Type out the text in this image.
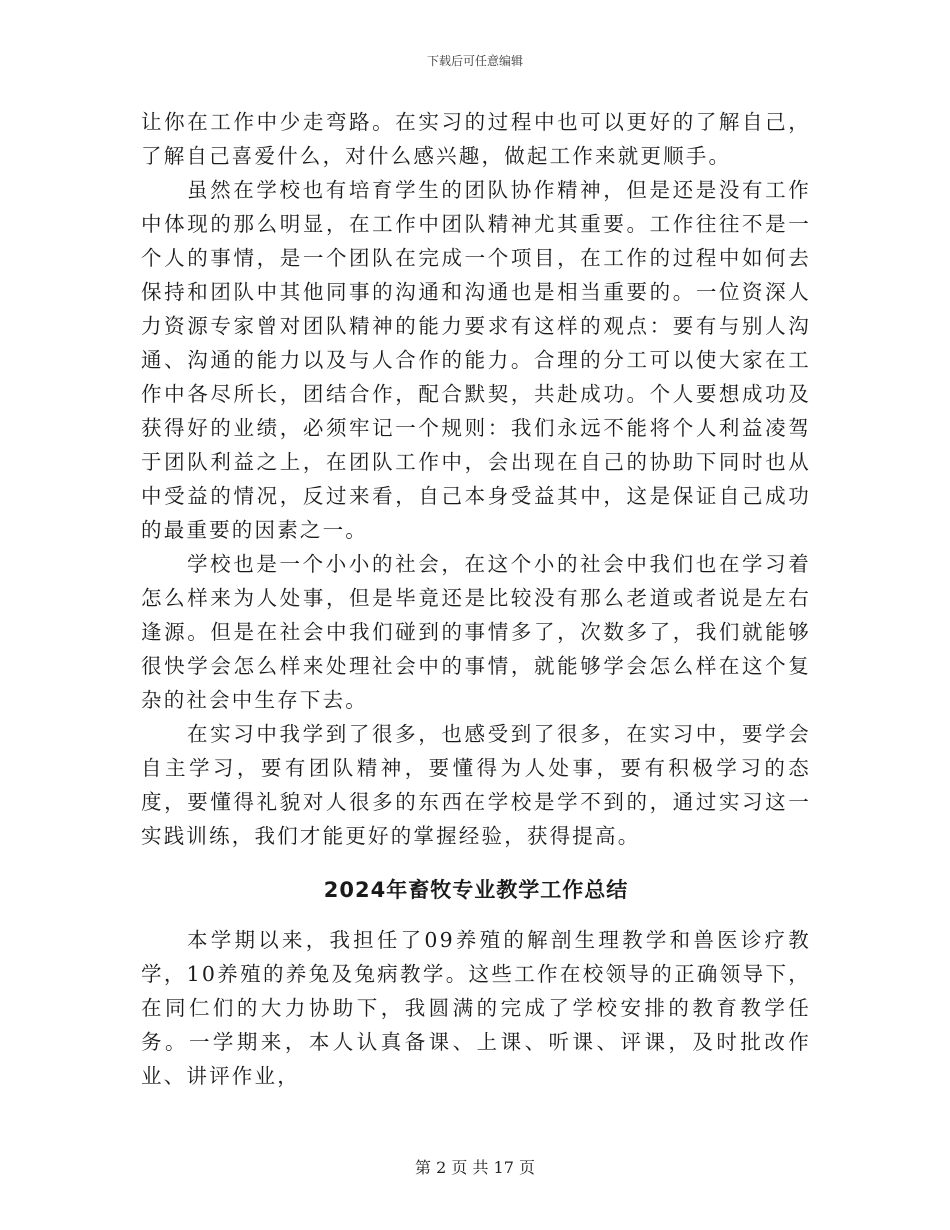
下载后可任意编辑

让你在工作中少走弯路。在实习的过程中也可以更好的了解自己，了解自己喜爱什么，对什么感兴趣，做起工作来就更顺手。

虽然在学校也有培育学生的团队协作精神，但是还是没有工作中体现的那么明显，在工作中团队精神尤其重要。工作往往不是一个人的事情，是一个团队在完成一个项目，在工作的过程中如何去保持和团队中其他同事的沟通和沟通也是相当重要的。一位资深人力资源专家曾对团队精神的能力要求有这样的观点：要有与别人沟通、沟通的能力以及与人合作的能力。合理的分工可以使大家在工作中各尽所长，团结合作，配合默契，共赴成功。个人要想成功及获得好的业绩，必须牢记一个规则：我们永远不能将个人利益凌驾于团队利益之上，在团队工作中，会出现在自己的协助下同时也从中受益的情况，反过来看，自己本身受益其中，这是保证自己成功的最重要的因素之一。

学校也是一个小小的社会，在这个小的社会中我们也在学习着怎么样来为人处事，但是毕竟还是比较没有那么老道或者说是左右逢源。但是在社会中我们碰到的事情多了，次数多了，我们就能够很快学会怎么样来处理社会中的事情，就能够学会怎么样在这个复杂的社会中生存下去。

在实习中我学到了很多，也感受到了很多，在实习中，要学会自主学习，要有团队精神，要懂得为人处事，要有积极学习的态度，要懂得礼貌对人很多的东西在学校是学不到的，通过实习这一实践训练，我们才能更好的掌握经验，获得提高。

2024年畜牧专业教学工作总结

本学期以来，我担任了09养殖的解剖生理教学和兽医诊疗教学，10养殖的养兔及兔病教学。这些工作在校领导的正确领导下，在同仁们的大力协助下，我圆满的完成了学校安排的教育教学任务。一学期来，本人认真备课、上课、听课、评课，及时批改作业、讲评作业，

第 2 页 共 17 页
